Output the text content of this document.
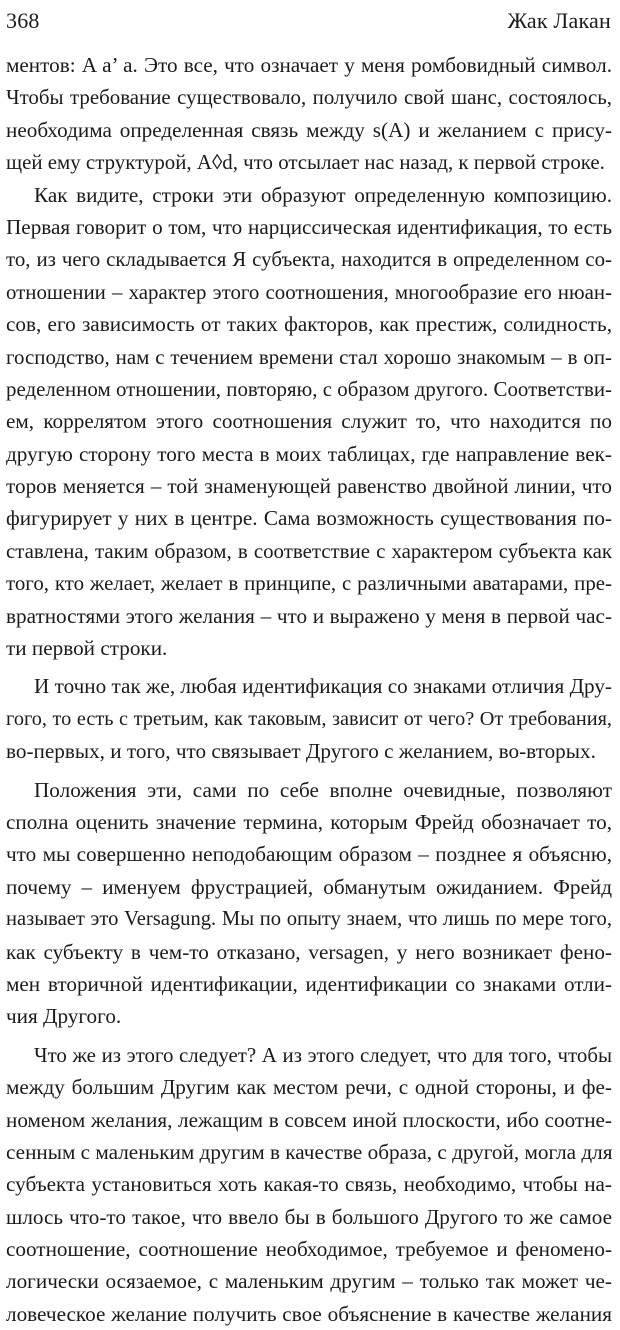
368	Жак Лакан
ментов: A a’ a. Это все, что означает у меня ромбовидный символ.
Чтобы требование существовало, получило свой шанс, состоялось,
необходима определенная связь между s(A) и желанием с прису-
щей ему структурой, A◊d, что отсылает нас назад, к первой строке.
Как видите, строки эти образуют определенную композицию.
Первая говорит о том, что нарциссическая идентификация, то есть
то, из чего складывается Я субъекта, находится в определенном со-
отношении – характер этого соотношения, многообразие его нюан-
сов, его зависимость от таких факторов, как престиж, солидность,
господство, нам с течением времени стал хорошо знакомым – в оп-
ределенном отношении, повторяю, с образом другого. Соответстви-
ем, коррелятом этого соотношения служит то, что находится по
другую сторону того места в моих таблицах, где направление век-
торов меняется – той знаменующей равенство двойной линии, что
фигурирует у них в центре. Сама возможность существования по-
ставлена, таким образом, в соответствие с характером субъекта как
того, кто желает, желает в принципе, с различными аватарами, пре-
вратностями этого желания – что и выражено у меня в первой час-
ти первой строки.
И точно так же, любая идентификация со знаками отличия Дру-
гого, то есть с третьим, как таковым, зависит от чего? От требования,
во-первых, и того, что связывает Другого с желанием, во-вторых.
Положения эти, сами по себе вполне очевидные, позволяют
сполна оценить значение термина, которым Фрейд обозначает то,
что мы совершенно неподобающим образом – позднее я объясню,
почему – именуем фрустрацией, обманутым ожиданием. Фрейд
называет это Versagung. Мы по опыту знаем, что лишь по мере того,
как субъекту в чем-то отказано, versagen, у него возникает фено-
мен вторичной идентификации, идентификации со знаками отли-
чия Другого.
Что же из этого следует? А из этого следует, что для того, чтобы
между большим Другим как местом речи, с одной стороны, и фе-
номеном желания, лежащим в совсем иной плоскости, ибо соотне-
сенным с маленьким другим в качестве образа, с другой, могла для
субъекта установиться хоть какая-то связь, необходимо, чтобы на-
шлось что-то такое, что ввело бы в большого Другого то же самое
соотношение, соотношение необходимое, требуемое и феномено-
логически осязаемое, с маленьким другим – только так может че-
ловеческое желание получить свое объяснение в качестве желания
